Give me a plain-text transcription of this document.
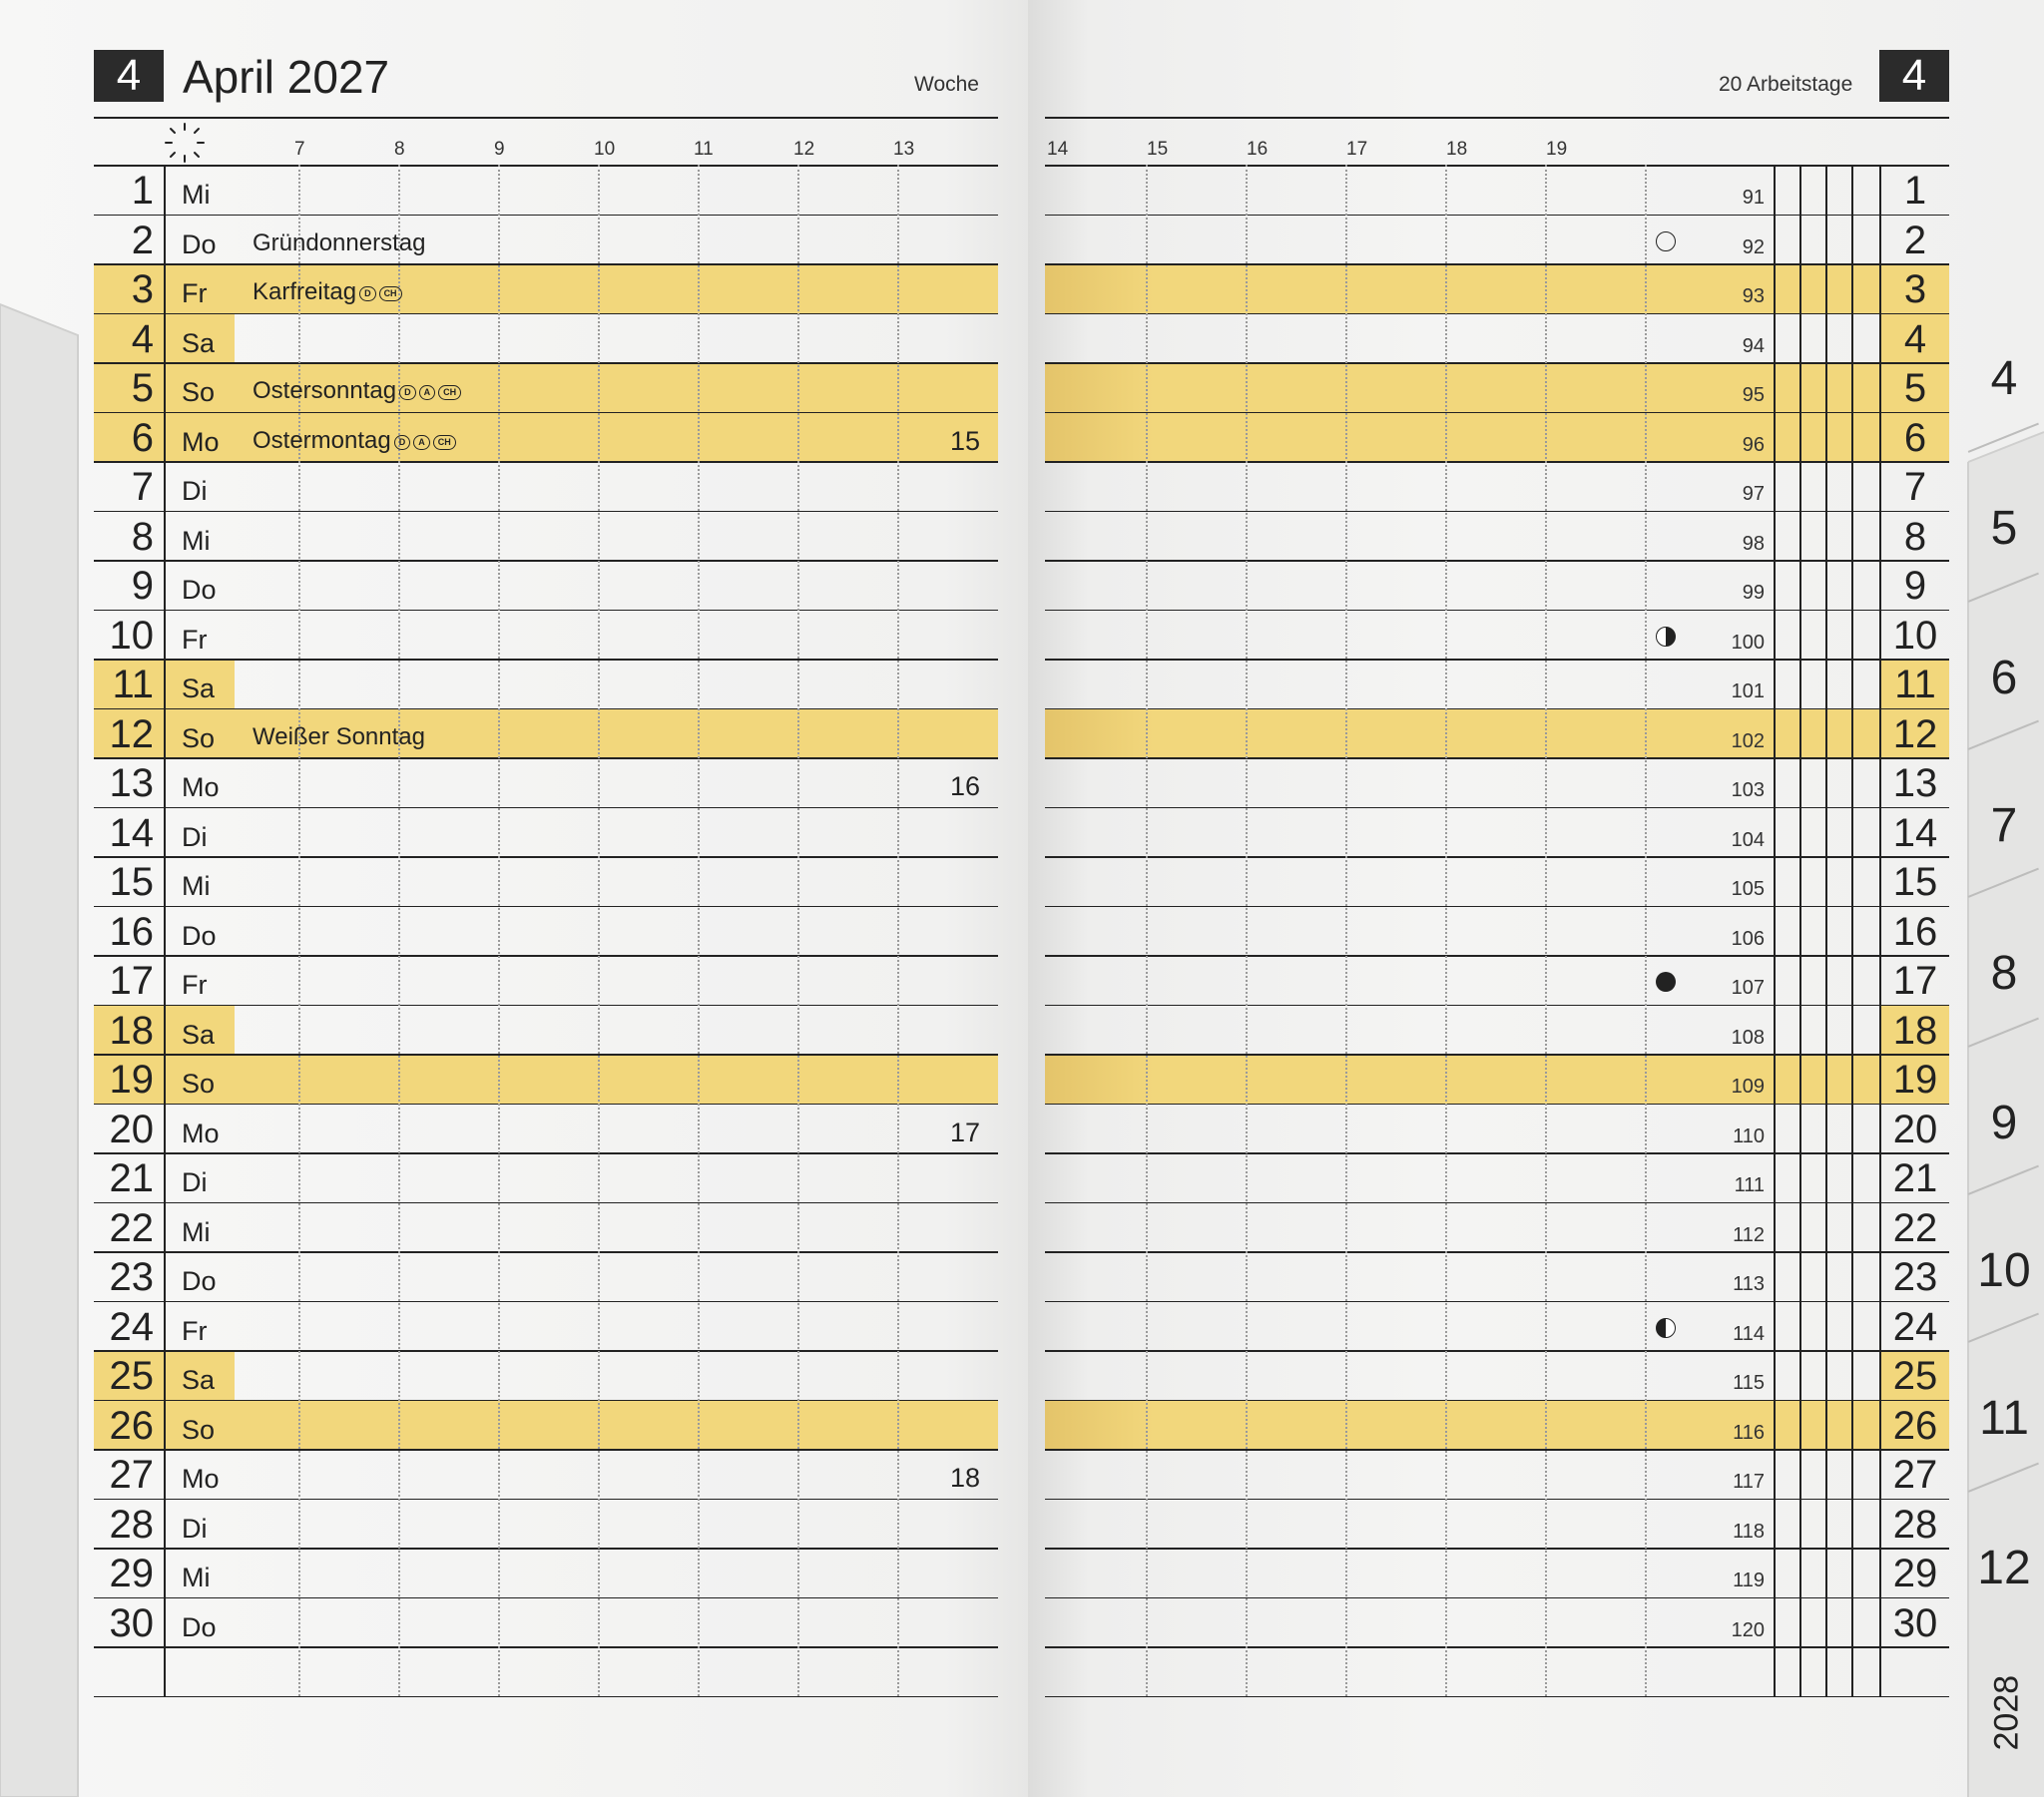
4 April 2027	Woche	20 Arbeitstage	4
7	8	9	10	11	12	13	14	15	16	17	18	19
1 Mi	91	1
2 Do Gründonnerstag	92	2
3 Fr Karfreitag D CH	93	3
4 Sa	94	4
5 So Ostersonntag D A CH	95	5
6 Mo Ostermontag D A CH	15	96	6
7 Di	97	7
8 Mi	98	8
9 Do	99	9
10 Fr	100	10
11 Sa	101	11
12 So Weißer Sonntag	102	12
13 Mo	16	103	13
14 Di	104	14
15 Mi	105	15
16 Do	106	16
17 Fr	107	17
18 Sa	108	18
19 So	109	19
20 Mo	17	110	20
21 Di	111	21
22 Mi	112	22
23 Do	113	23
24 Fr	114	24
25 Sa	115	25
26 So	116	26
27 Mo	18	117	27
28 Di	118	28
29 Mi	119	29
30 Do	120	30
4
5
6
7
8
9
10
11
12
2028
